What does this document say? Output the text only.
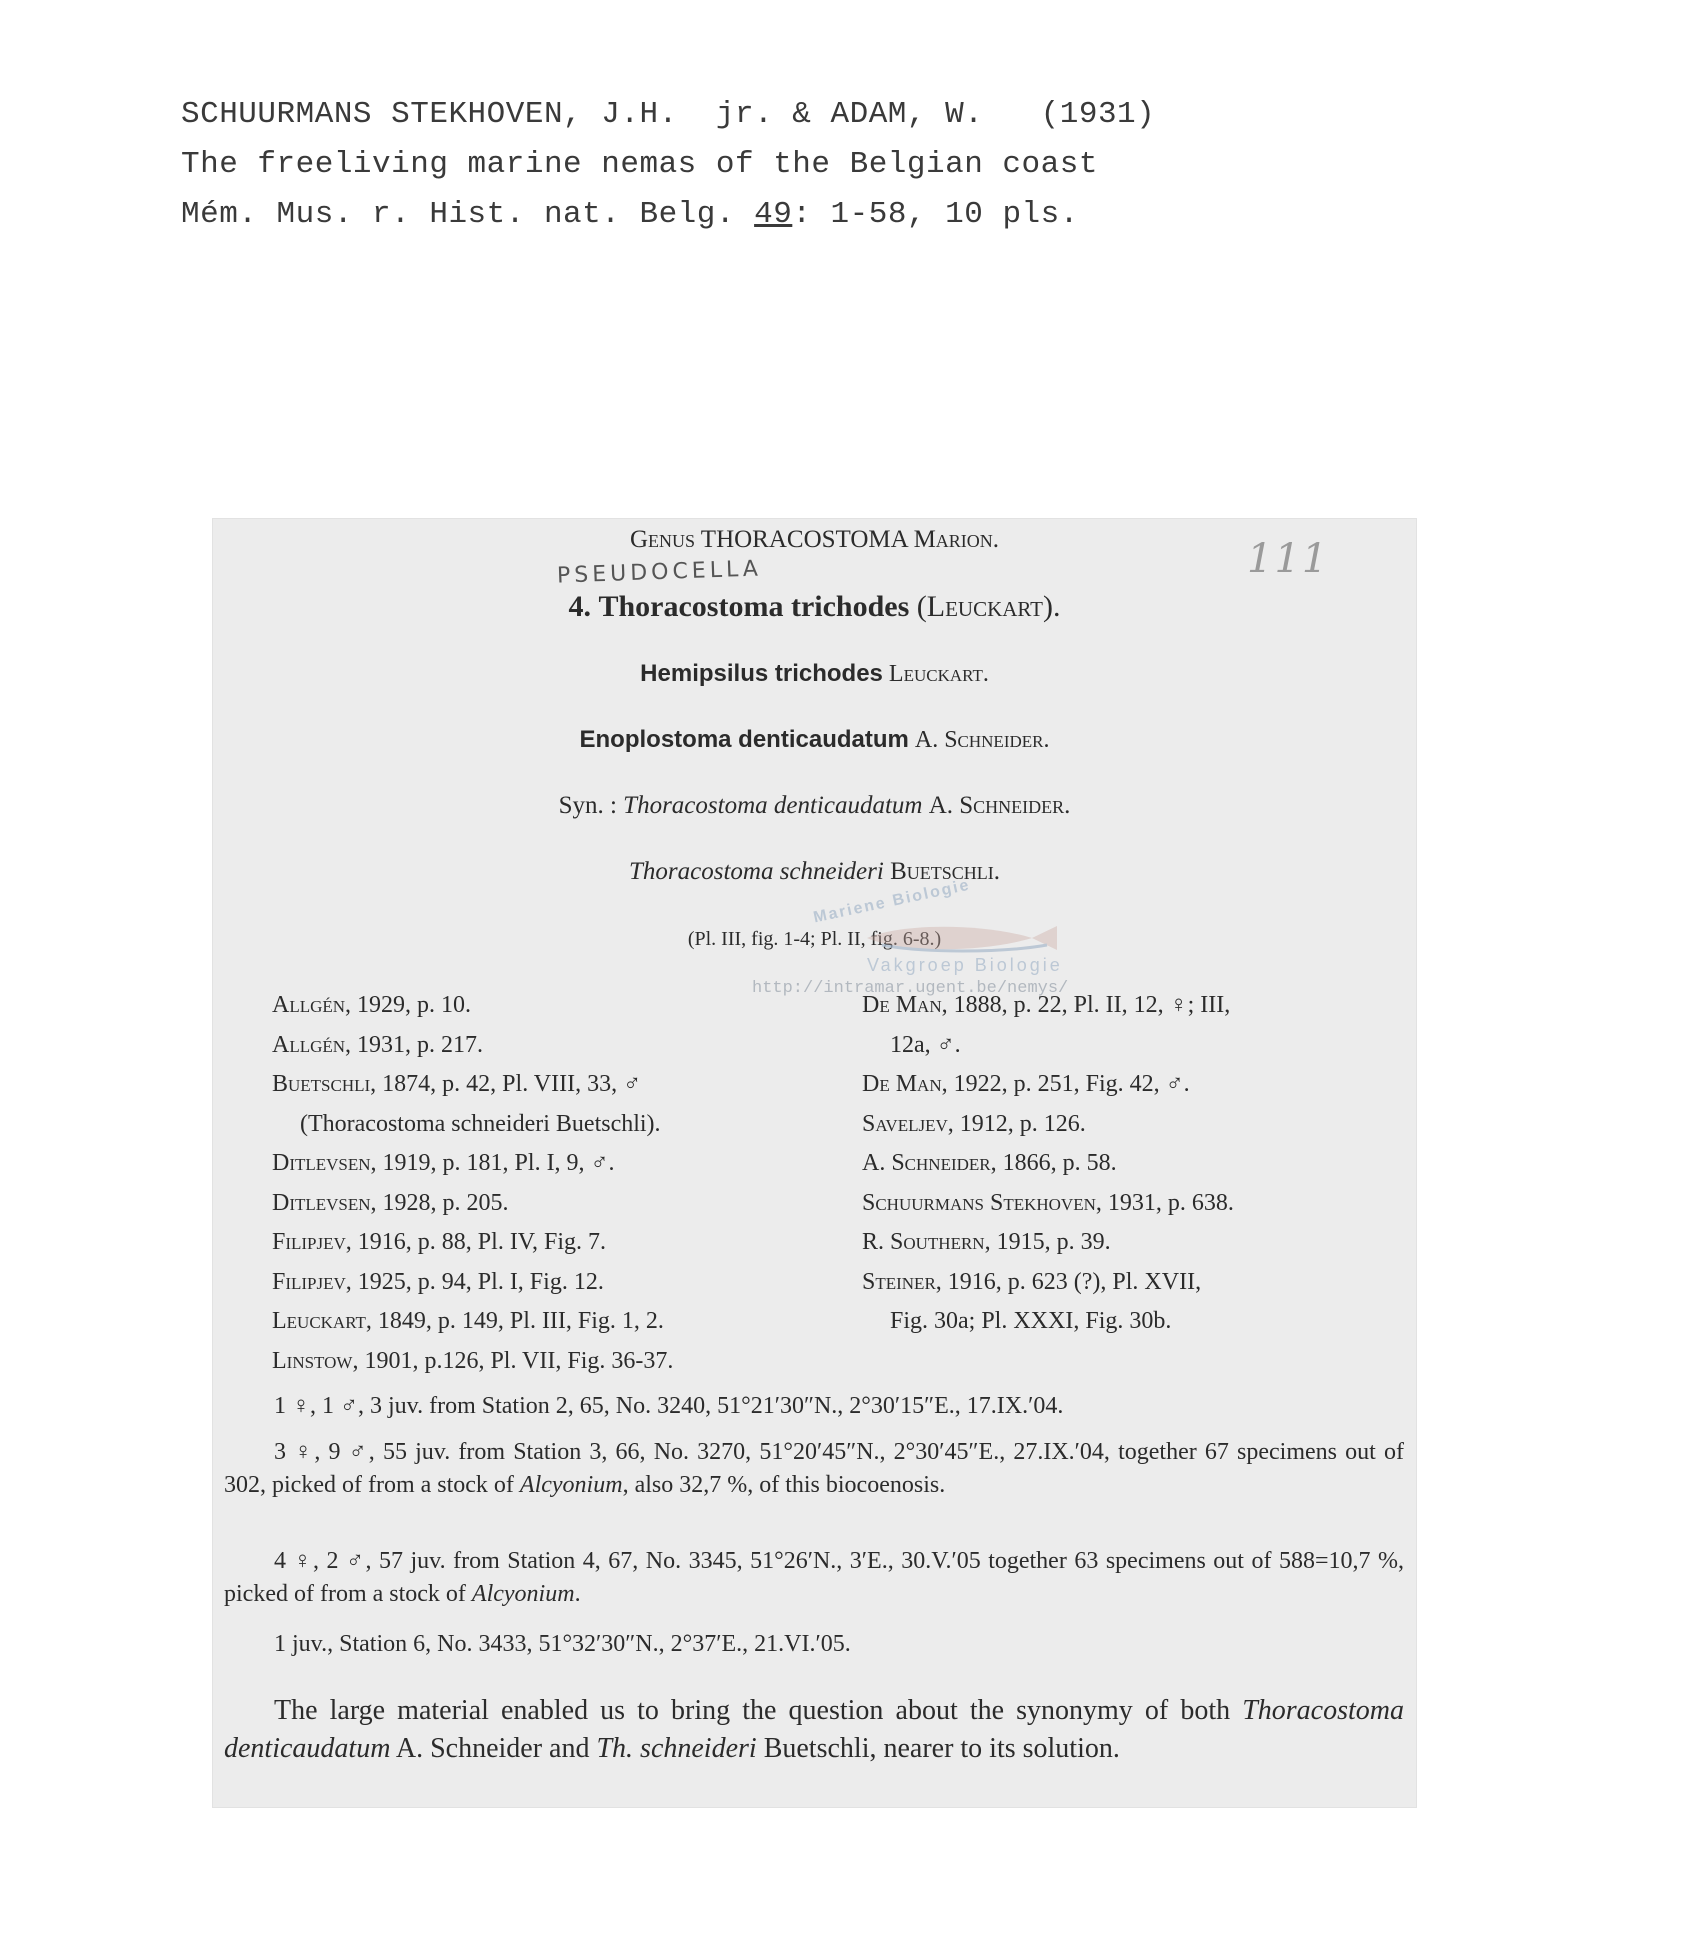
SCHUURMANS STEKHOVEN, J.H.  jr. & ADAM, W.   (1931)
The freeliving marine nemas of the Belgian coast
Mém. Mus. r. Hist. nat. Belg. 49: 1-58, 10 pls.
PSEUDOCELLA	111
Genus THORACOSTOMA Marion.
4. Thoracostoma trichodes (Leuckart).
Hemipsilus trichodes Leuckart.
Enoplostoma denticaudatum A. Schneider.
Syn. : Thoracostoma denticaudatum A. Schneider.
Thoracostoma schneideri Buetschli.
(Pl. III, fig. 1-4; Pl. II, fig. 6-8.)
Mariene Biologie
Vakgroep Biologie
http://intramar.ugent.be/nemys/
Allgén, 1929, p. 10.
Allgén, 1931, p. 217.
Buetschli, 1874, p. 42, Pl. VIII, 33, ♂
(Thoracostoma schneideri Buetschli).
Ditlevsen, 1919, p. 181, Pl. I, 9, ♂.
Ditlevsen, 1928, p. 205.
Filipjev, 1916, p. 88, Pl. IV, Fig. 7.
Filipjev, 1925, p. 94, Pl. I, Fig. 12.
Leuckart, 1849, p. 149, Pl. III, Fig. 1, 2.
Linstow, 1901, p.126, Pl. VII, Fig. 36-37.
De Man, 1888, p. 22, Pl. II, 12, ♀; III,
12a, ♂.
De Man, 1922, p. 251, Fig. 42, ♂.
Saveljev, 1912, p. 126.
A. Schneider, 1866, p. 58.
Schuurmans Stekhoven, 1931, p. 638.
R. Southern, 1915, p. 39.
Steiner, 1916, p. 623 (?), Pl. XVII,
Fig. 30a; Pl. XXXI, Fig. 30b.

1 ♀, 1 ♂, 3 juv. from Station 2, 65, No. 3240, 51°21′30″N., 2°30′15″E., 17.IX.′04.

3 ♀, 9 ♂, 55 juv. from Station 3, 66, No. 3270, 51°20′45″N., 2°30′45″E., 27.IX.′04, together 67 specimens out of 302, picked of from a stock of Alcyonium, also 32,7 %, of this biocoenosis.

4 ♀, 2 ♂, 57 juv. from Station 4, 67, No. 3345, 51°26′N., 3′E., 30.V.′05 together 63 specimens out of 588=10,7 %, picked of from a stock of Alcyonium.

1 juv., Station 6, No. 3433, 51°32′30″N., 2°37′E., 21.VI.′05.

The large material enabled us to bring the question about the synonymy of both Thoracostoma denticaudatum A. Schneider and Th. schneideri Buetschli, nearer to its solution.
